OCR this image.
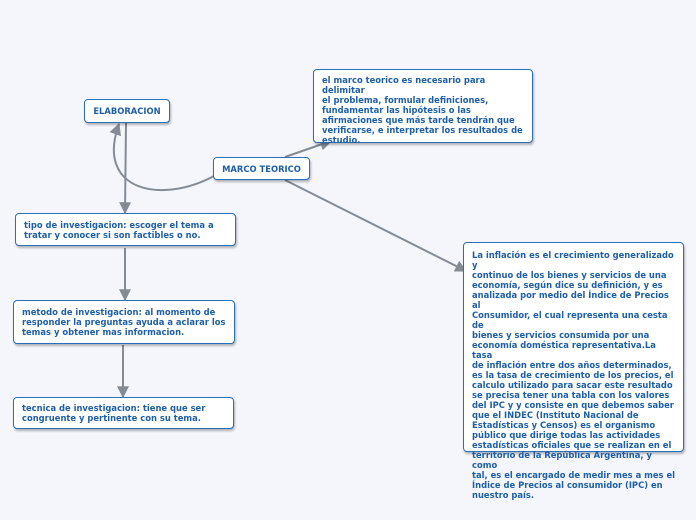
ELABORACION
MARCO TEORICO
el marco teorico es necesario para delimitar
el problema, formular definiciones,
fundamentar las hipótesis o las
afirmaciones que más tarde tendrán que
verificarse, e interpretar los resultados de
estudio.
tipo de investigacion: escoger el tema a
tratar y conocer si son factibles o no.
metodo de investigacion: al momento de
responder la preguntas ayuda a aclarar los
temas y obtener mas informacion.
tecnica de investigacion: tiene que ser
congruente y pertinente con su tema.
La inflación es el crecimiento generalizado y
continuo de los bienes y servicios de una
economía, según dice su definición, y es
analizada por medio del Índice de Precios al
Consumidor, el cual representa una cesta de
bienes y servicios consumida por una
economía doméstica representativa.La tasa
de inflación entre dos años determinados,
es la tasa de crecimiento de los precios, el
calculo utilizado para sacar este resultado
se precisa tener una tabla con los valores
del IPC y y consiste en que debemos saber
que el INDEC (Instituto Nacional de
Estadísticas y Censos) es el organismo
público que dirige todas las actividades
estadísticas oficiales que se realizan en el
territorio de la República Argentina, y como
tal, es el encargado de medir mes a mes el
Índice de Precios al consumidor (IPC) en
nuestro país.
